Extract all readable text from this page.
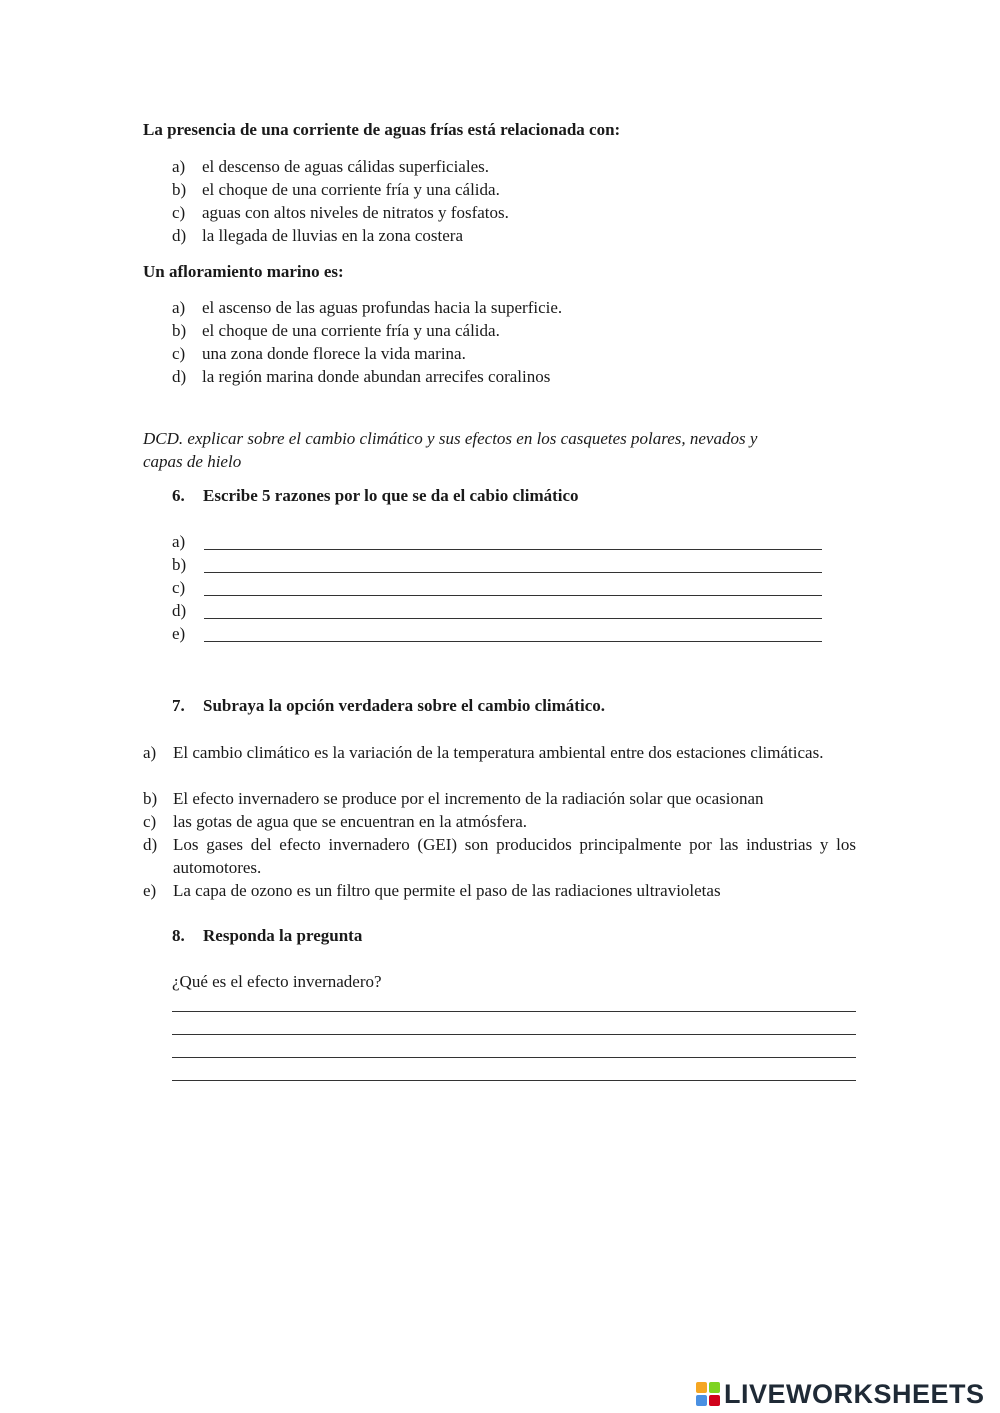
La presencia de una corriente de aguas frías está relacionada con:
a) el descenso de aguas cálidas superficiales.
b) el choque de una corriente fría y una cálida.
c) aguas con altos niveles de nitratos y fosfatos.
d) la llegada de lluvias en la zona costera
Un afloramiento marino es:
a) el ascenso de las aguas profundas hacia la superficie.
b) el choque de una corriente fría y una cálida.
c) una zona donde florece la vida marina.
d) la región marina donde abundan arrecifes coralinos
DCD. explicar sobre el cambio climático y sus efectos en los casquetes polares, nevados y
capas de hielo
6. Escribe 5 razones por lo que se da el cabio climático
a)
b)
c)
d)
e)
7. Subraya la opción verdadera sobre el cambio climático.
a) El cambio climático es la variación de la temperatura ambiental entre dos estaciones climáticas.
b) El efecto invernadero se produce por el incremento de la radiación solar que ocasionan
c) las gotas de agua que se encuentran en la atmósfera.
d) Los gases del efecto invernadero (GEI) son producidos principalmente por las industrias y los automotores.
e) La capa de ozono es un filtro que permite el paso de las radiaciones ultravioletas
8. Responda la pregunta
¿Qué es el efecto invernadero?
LIVEWORKSHEETS
